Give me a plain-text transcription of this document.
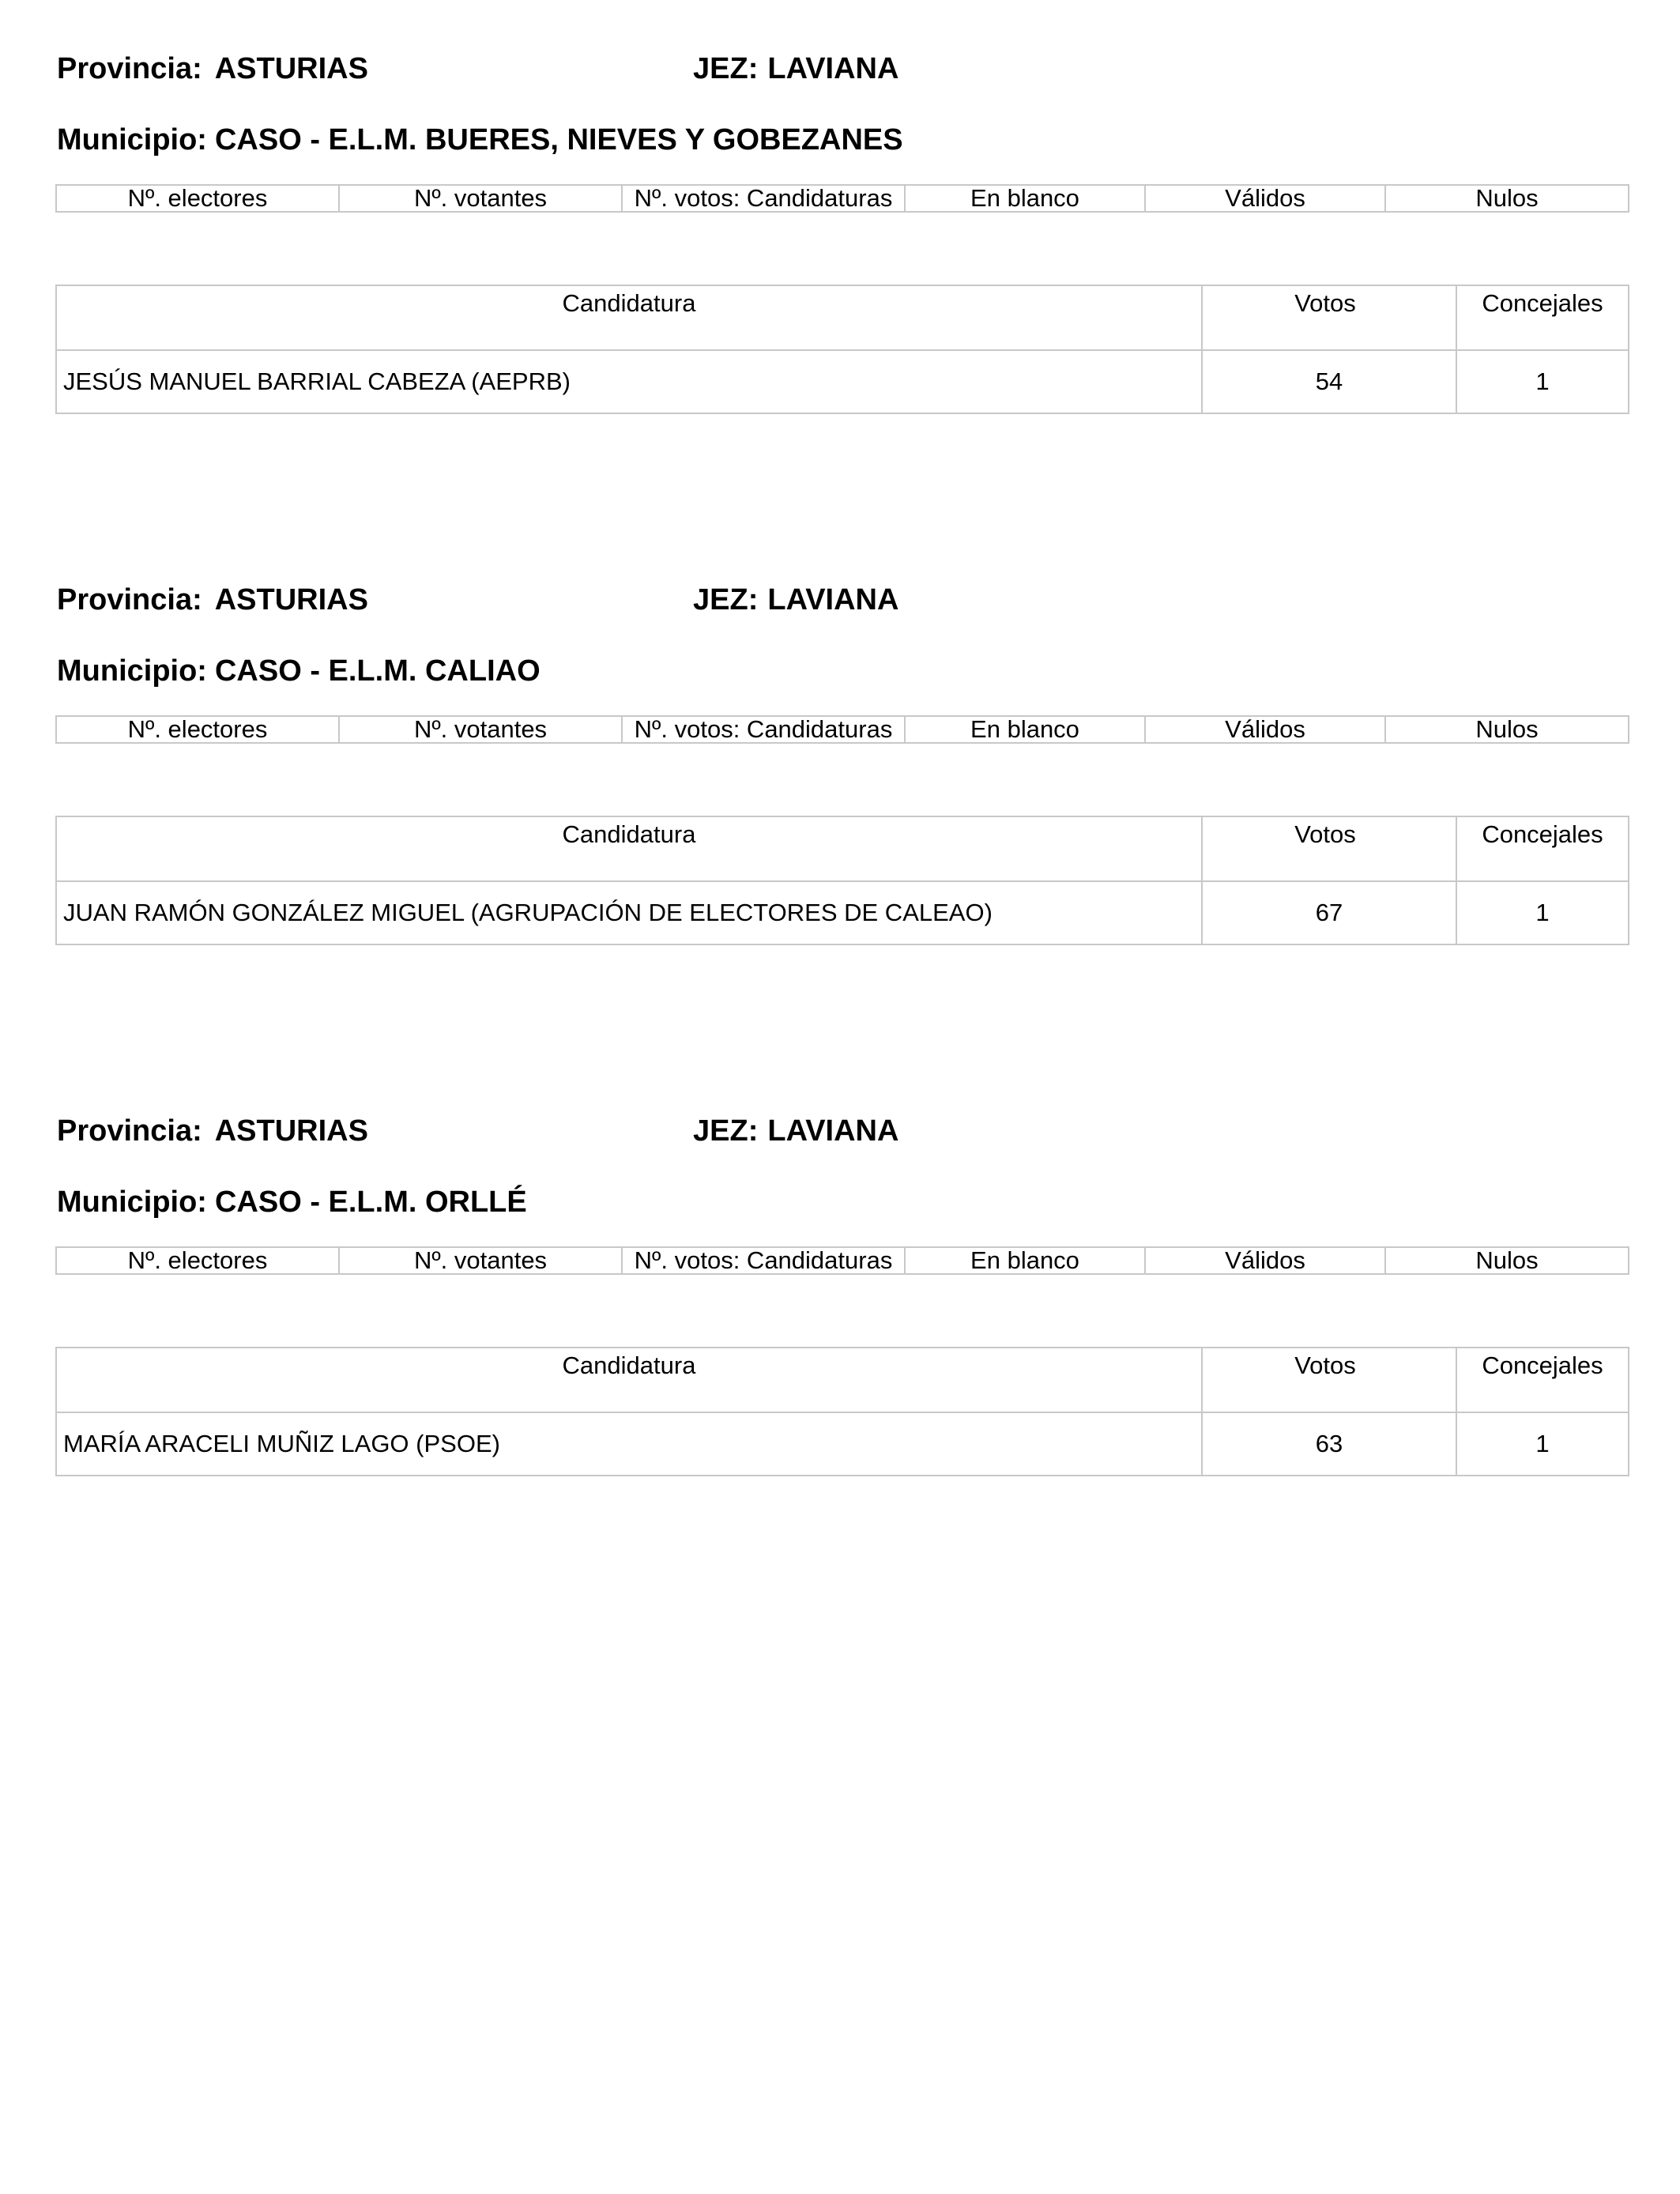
Provincia: ASTURIAS	JEZ: LAVIANA
Municipio: CASO - E.L.M. BUERES, NIEVES Y GOBEZANES
Nº. electores	Nº. votantes	Nº. votos: Candidaturas	En blanco	Válidos	Nulos
Candidatura	Votos	Concejales
JESÚS MANUEL BARRIAL CABEZA (AEPRB)	54	1
Provincia: ASTURIAS	JEZ: LAVIANA
Municipio: CASO - E.L.M. CALIAO
Nº. electores	Nº. votantes	Nº. votos: Candidaturas	En blanco	Válidos	Nulos
Candidatura	Votos	Concejales
JUAN RAMÓN GONZÁLEZ MIGUEL (AGRUPACIÓN DE ELECTORES DE CALEAO)	67	1
Provincia: ASTURIAS	JEZ: LAVIANA
Municipio: CASO - E.L.M. ORLLÉ
Nº. electores	Nº. votantes	Nº. votos: Candidaturas	En blanco	Válidos	Nulos
Candidatura	Votos	Concejales
MARÍA ARACELI MUÑIZ LAGO (PSOE)	63	1
